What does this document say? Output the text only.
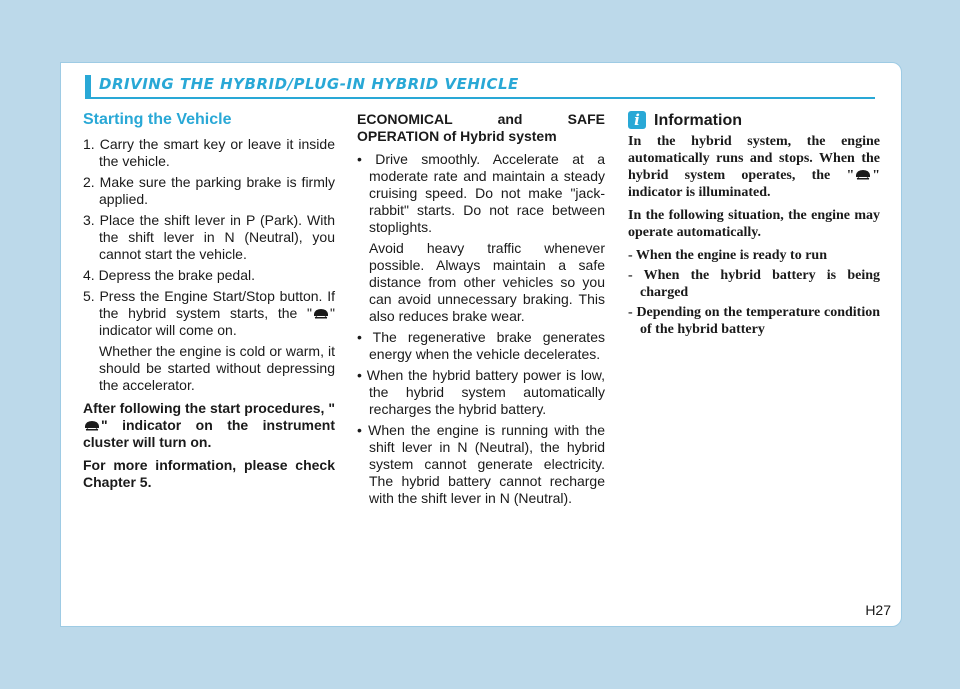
DRIVING THE HYBRID/PLUG-IN HYBRID VEHICLE
Starting the Vehicle
1. Carry the smart key or leave it inside the vehicle.
2. Make sure the parking brake is firmly applied.
3. Place the shift lever in P (Park). With the shift lever in N (Neutral), you cannot start the vehicle.
4. Depress the brake pedal.
5. Press the Engine Start/Stop button. If the hybrid system starts, the " " indicator will come on.
Whether the engine is cold or warm, it should be started without depressing the accelerator.
After following the start procedures, "
" indicator on the instrument cluster will turn on.
For more information, please check Chapter 5.
ECONOMICAL and SAFE OPERATION of Hybrid system
• Drive smoothly. Accelerate at a moderate rate and maintain a steady cruising speed. Do not make "jack-rabbit" starts. Do not race between stoplights.
Avoid heavy traffic whenever possible. Always maintain a safe distance from other vehicles so you can avoid unnecessary braking. This also reduces brake wear.
• The regenerative brake generates energy when the vehicle decelerates.
• When the hybrid battery power is low, the hybrid system automatically recharges the hybrid battery.
• When the engine is running with the shift lever in N (Neutral), the hybrid system cannot generate electricity. The hybrid battery cannot recharge with the shift lever in N (Neutral).
i Information

In the hybrid system, the engine automatically runs and stops. When the hybrid system operates, the " " indicator is illuminated.

In the following situation, the engine may operate automatically.

- When the engine is ready to run
- When the hybrid battery is being charged
- Depending on the temperature condition of the hybrid battery
H27
